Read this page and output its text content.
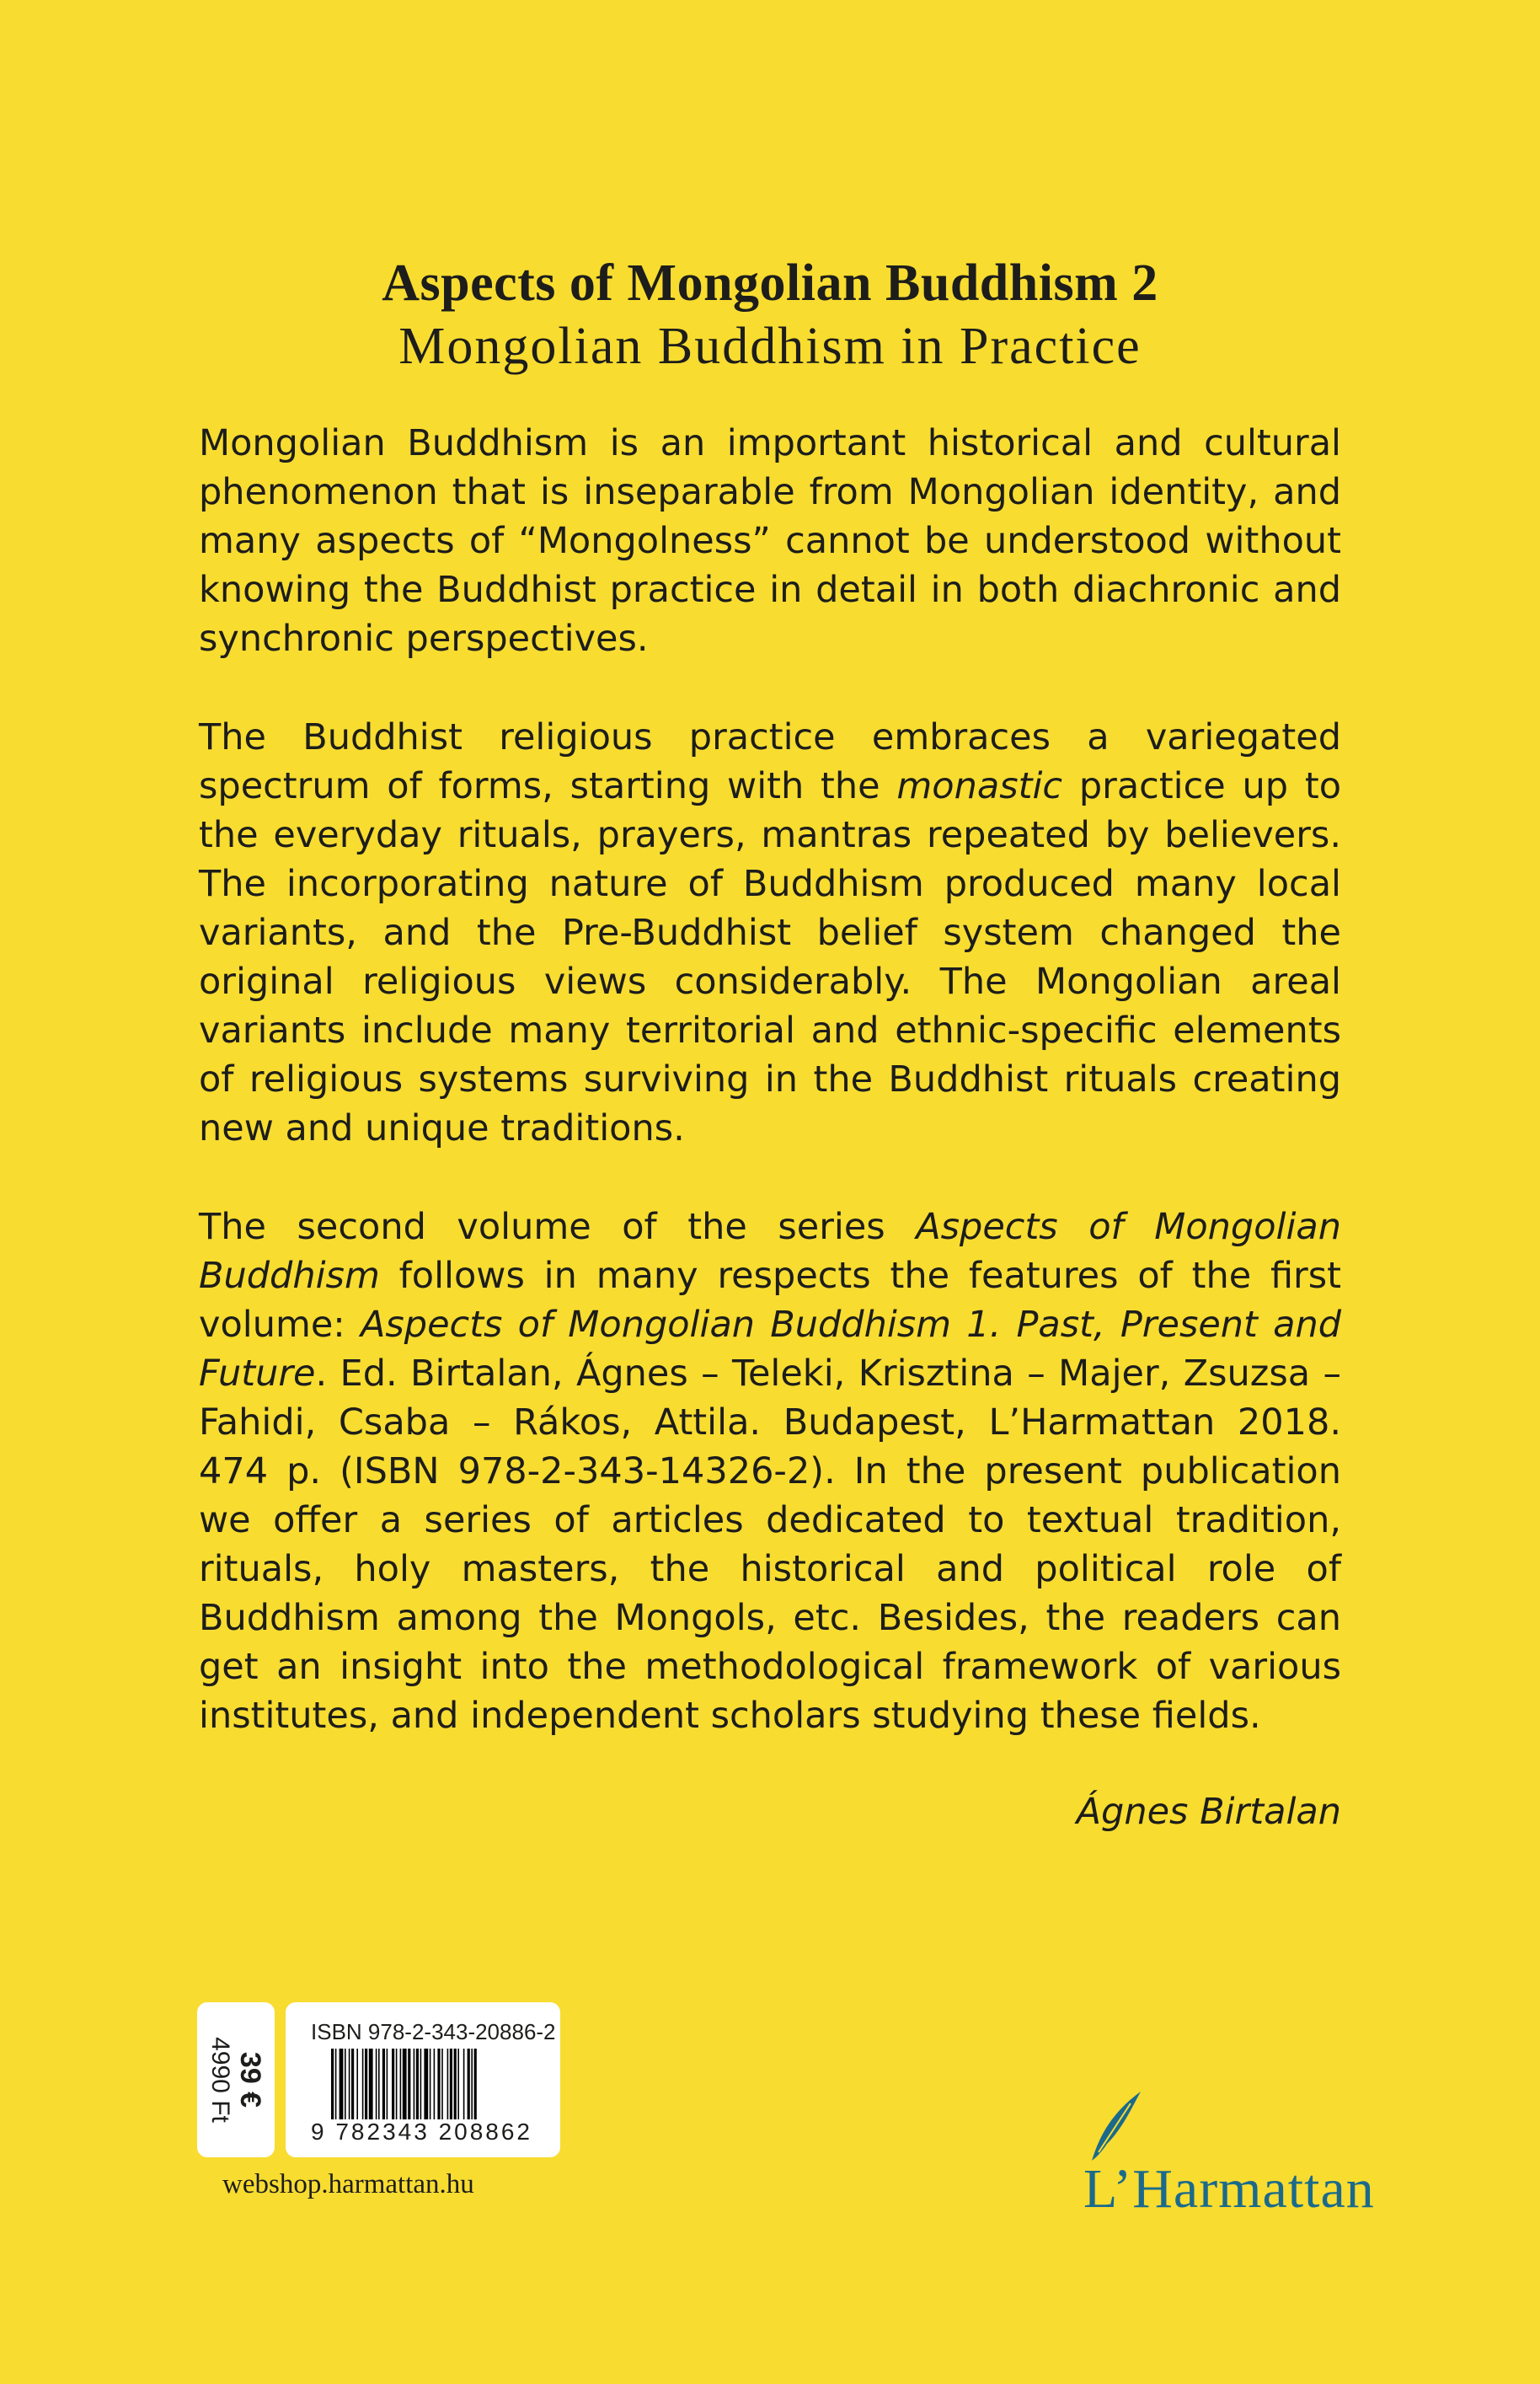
Aspects of Mongolian Buddhism 2
Mongolian Buddhism in Practice

Mongolian Buddhism is an important historical and cultural phenomenon that is inseparable from Mongolian identity, and many aspects of “Mongolness” cannot be understood without knowing the Buddhist practice in detail in both diachronic and synchronic perspectives.

The Buddhist religious practice embraces a variegated spectrum of forms, starting with the monastic practice up to the everyday rituals, prayers, mantras repeated by believers. The incorporating nature of Buddhism produced many local variants, and the Pre-Buddhist belief system changed the original religious views considerably. The Mongolian areal variants include many territorial and ethnic-specific elements of religious systems surviving in the Buddhist rituals creating new and unique traditions.

The second volume of the series Aspects of Mongolian Buddhism follows in many respects the features of the first volume: Aspects of Mongolian Buddhism 1. Past, Present and Future. Ed. Birtalan, Ágnes – Teleki, Krisztina – Majer, Zsuzsa – Fahidi, Csaba – Rákos, Attila. Budapest, L’Harmattan 2018. 474 p. (ISBN 978-2-343-14326-2). In the present publication we offer a series of articles dedicated to textual tradition, rituals, holy masters, the historical and political role of Buddhism among the Mongols, etc. Besides, the readers can get an insight into the methodological framework of various institutes, and independent scholars studying these fields.

Ágnes Birtalan
39 €
4990 Ft
ISBN 978-2-343-20886-2
9 782343 208862
webshop.harmattan.hu	L’Harmattan
